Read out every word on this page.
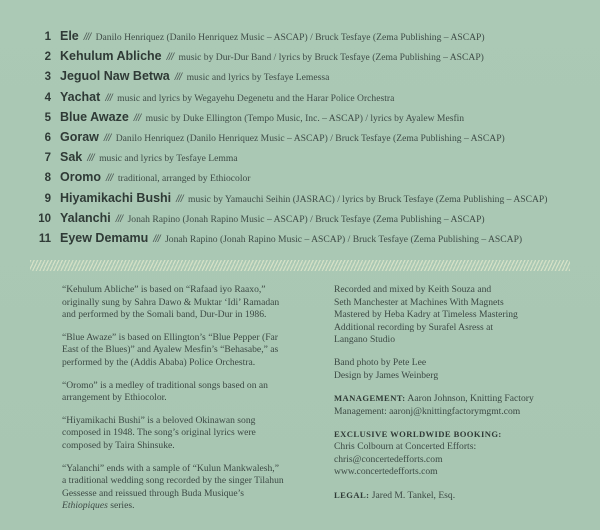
1 Ele /// Danilo Henriquez (Danilo Henriquez Music – ASCAP) / Bruck Tesfaye (Zema Publishing – ASCAP)
2 Kehulum Abliche /// music by Dur-Dur Band / lyrics by Bruck Tesfaye (Zema Publishing – ASCAP)
3 Jeguol Naw Betwa /// music and lyrics by Tesfaye Lemessa
4 Yachat /// music and lyrics by Wegayehu Degenetu and the Harar Police Orchestra
5 Blue Awaze /// music by Duke Ellington (Tempo Music, Inc. – ASCAP) / lyrics by Ayalew Mesfin
6 Goraw /// Danilo Henriquez (Danilo Henriquez Music – ASCAP) / Bruck Tesfaye (Zema Publishing – ASCAP)
7 Sak /// music and lyrics by Tesfaye Lemma
8 Oromo /// traditional, arranged by Ethiocolor
9 Hiyamikachi Bushi /// music by Yamauchi Seihin (JASRAC) / lyrics by Bruck Tesfaye (Zema Publishing – ASCAP)
10 Yalanchi /// Jonah Rapino (Jonah Rapino Music – ASCAP) / Bruck Tesfaye (Zema Publishing – ASCAP)
11 Eyew Demamu /// Jonah Rapino (Jonah Rapino Music – ASCAP) / Bruck Tesfaye (Zema Publishing – ASCAP)
“Kehulum Abliche” is based on “Rafaad iyo Raaxo,”
originally sung by Sahra Dawo & Muktar ‘Idi’ Ramadan
and performed by the Somali band, Dur-Dur in 1986.
“Blue Awaze” is based on Ellington’s “Blue Pepper (Far
East of the Blues)” and Ayalew Mesfin’s “Behasabe,” as
performed by the (Addis Ababa) Police Orchestra.
“Oromo” is a medley of traditional songs based on an
arrangement by Ethiocolor.
“Hiyamikachi Bushi” is a beloved Okinawan song
composed in 1948. The song’s original lyrics were
composed by Taira Shinsuke.
“Yalanchi” ends with a sample of “Kulun Mankwalesh,”
a traditional wedding song recorded by the singer Tilahun
Gessesse and reissued through Buda Musique’s
Ethiopiques series.
Recorded and mixed by Keith Souza and
Seth Manchester at Machines With Magnets
Mastered by Heba Kadry at Timeless Mastering
Additional recording by Surafel Asress at
Langano Studio
Band photo by Pete Lee
Design by James Weinberg
MANAGEMENT: Aaron Johnson, Knitting Factory
Management: aaronj@knittingfactorymgmt.com
EXCLUSIVE WORLDWIDE BOOKING:
Chris Colbourn at Concerted Efforts:
chris@concertedefforts.com
www.concertedefforts.com
LEGAL: Jared M. Tankel, Esq.
